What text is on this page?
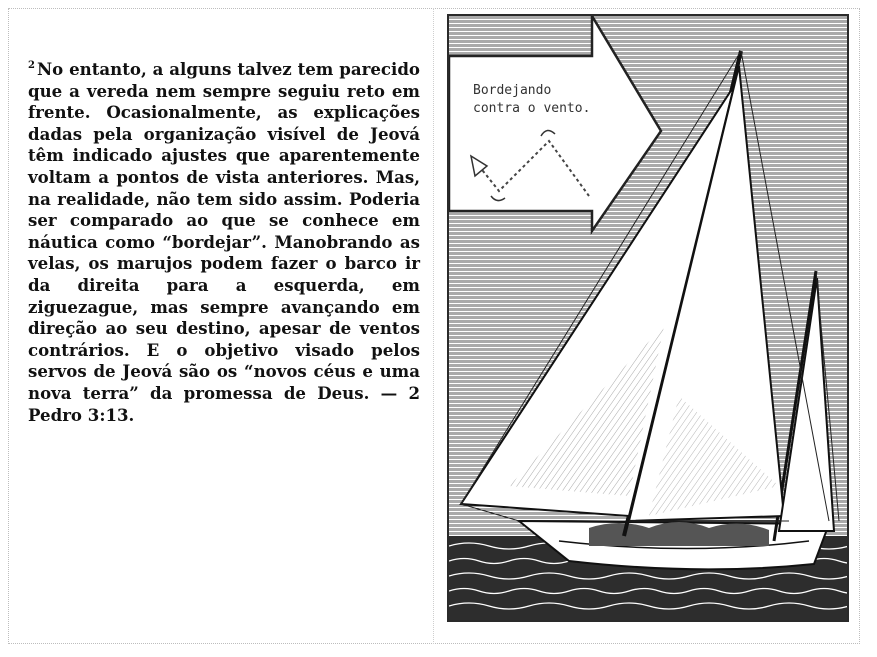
$^2$ No entanto, a alguns talvez tem parecido que a vereda nem sempre seguiu reto em frente. Ocasionalmente, as explicações dadas pela organização visível de Jeová têm indicado ajustes que aparentemente voltam a pontos de vista anteriores. Mas, na realidade, não tem sido assim. Poderia ser comparado ao que se conhece em náutica como “bordejar”. Manobrando as velas, os marujos podem fazer o barco ir da direita para a esquerda, em ziguezague, mas sempre avançando em direção ao seu destino, apesar de ventos contrários. E o objetivo visado pelos servos de Jeová são os “novos céus e uma nova terra” da promessa de Deus. — 2 Pedro 3:13.
Bordejando
contra o vento.
